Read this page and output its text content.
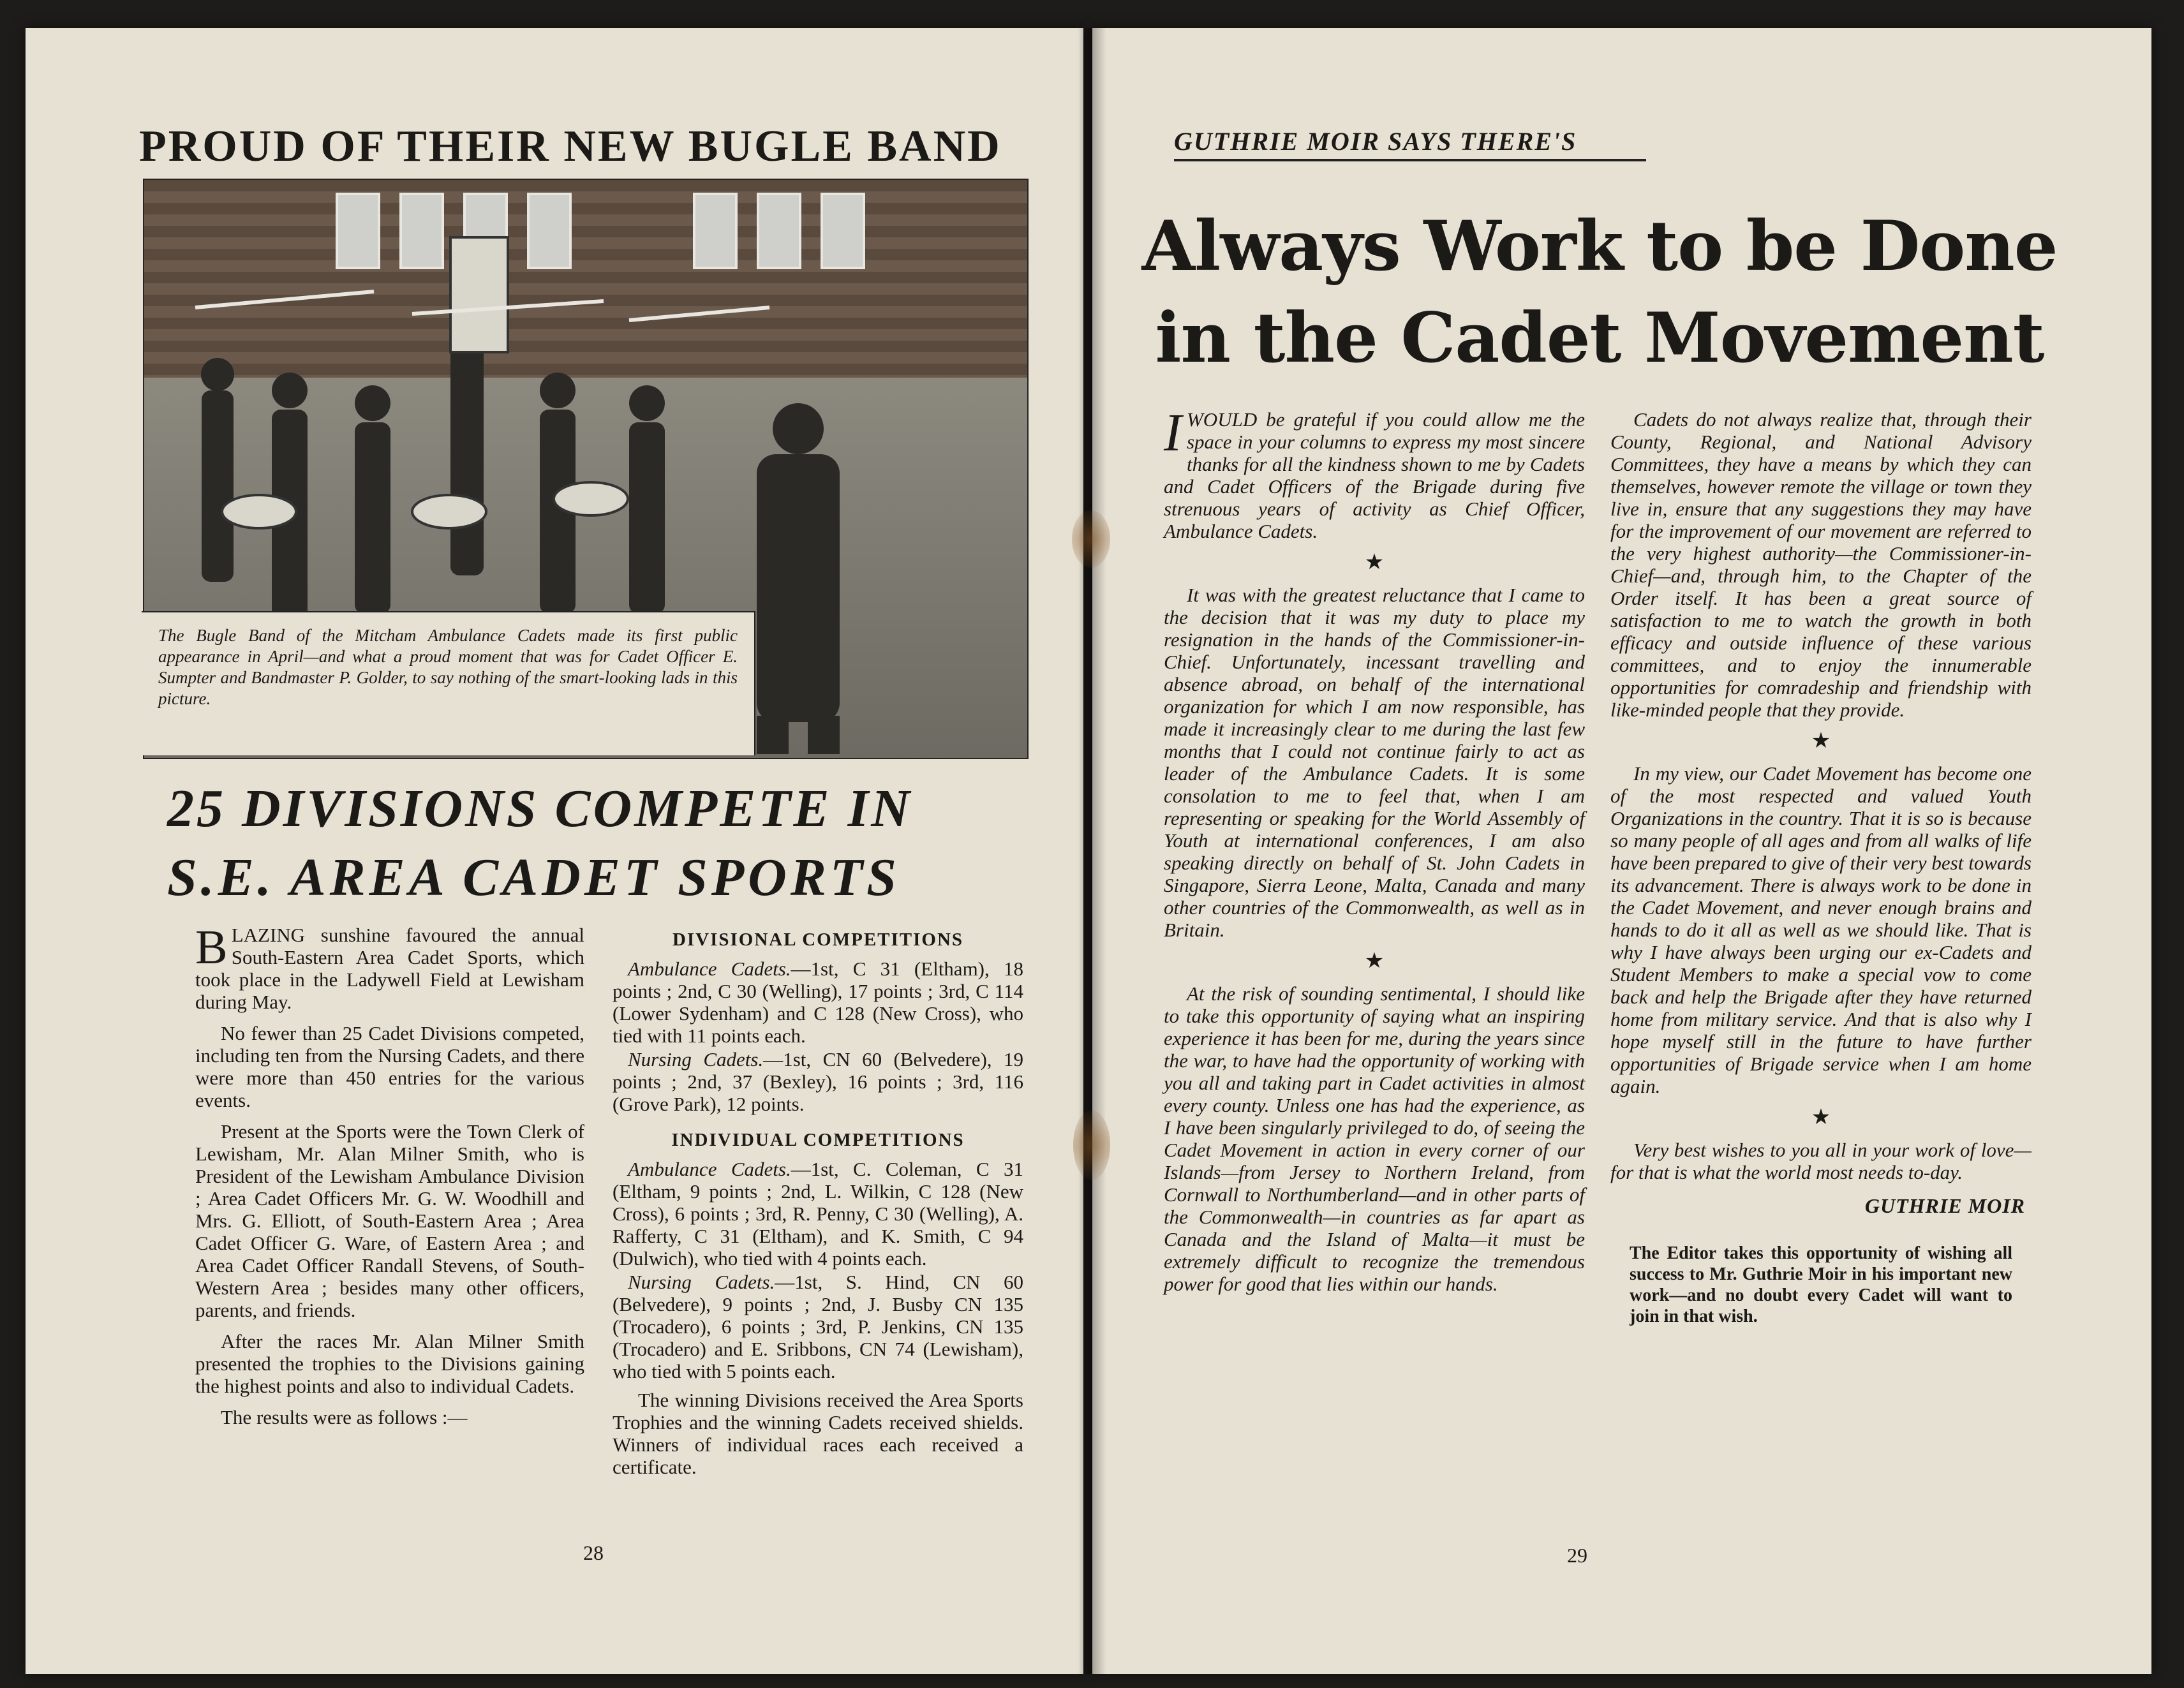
PROUD OF THEIR NEW BUGLE BAND
The Bugle Band of the Mitcham Ambulance Cadets made its first public appearance in April—and what a proud moment that was for Cadet Officer E. Sumpter and Bandmaster P. Golder, to say nothing of the smart-looking lads in this picture.
25 DIVISIONS COMPETE IN
S.E. AREA CADET SPORTS

BLAZING sunshine favoured the annual South-Eastern Area Cadet Sports, which took place in the Ladywell Field at Lewisham during May.

No fewer than 25 Cadet Divisions competed, including ten from the Nursing Cadets, and there were more than 450 entries for the various events.

Present at the Sports were the Town Clerk of Lewisham, Mr. Alan Milner Smith, who is President of the Lewisham Ambulance Division ; Area Cadet Officers Mr. G. W. Woodhill and Mrs. G. Elliott, of South-Eastern Area ; Area Cadet Officer G. Ware, of Eastern Area ; and Area Cadet Officer Randall Stevens, of South-Western Area ; besides many other officers, parents, and friends.

After the races Mr. Alan Milner Smith presented the trophies to the Divisions gaining the highest points and also to individual Cadets.

The results were as follows :—

DIVISIONAL COMPETITIONS

Ambulance Cadets.—1st, C 31 (Eltham), 18 points ; 2nd, C 30 (Welling), 17 points ; 3rd, C 114 (Lower Sydenham) and C 128 (New Cross), who tied with 11 points each.

Nursing Cadets.—1st, CN 60 (Belvedere), 19 points ; 2nd, 37 (Bexley), 16 points ; 3rd, 116 (Grove Park), 12 points.

INDIVIDUAL COMPETITIONS

Ambulance Cadets.—1st, C. Coleman, C 31 (Eltham, 9 points ; 2nd, L. Wilkin, C 128 (New Cross), 6 points ; 3rd, R. Penny, C 30 (Welling), A. Rafferty, C 31 (Eltham), and K. Smith, C 94 (Dulwich), who tied with 4 points each.

Nursing Cadets.—1st, S. Hind, CN 60 (Belvedere), 9 points ; 2nd, J. Busby CN 135 (Trocadero), 6 points ; 3rd, P. Jenkins, CN 135 (Trocadero) and E. Sribbons, CN 74 (Lewisham), who tied with 5 points each.

The winning Divisions received the Area Sports Trophies and the winning Cadets received shields. Winners of individual races each received a certificate.

28
GUTHRIE MOIR SAYS THERE'S
Always Work to be Done
in the Cadet Movement

IWOULD be grateful if you could allow me the space in your columns to express my most sincere thanks for all the kindness shown to me by Cadets and Cadet Officers of the Brigade during five strenuous years of activity as Chief Officer, Ambulance Cadets.

★

It was with the greatest reluctance that I came to the decision that it was my duty to place my resignation in the hands of the Commissioner-in-Chief. Unfortunately, incessant travelling and absence abroad, on behalf of the international organization for which I am now responsible, has made it increasingly clear to me during the last few months that I could not continue fairly to act as leader of the Ambulance Cadets. It is some consolation to me to feel that, when I am representing or speaking for the World Assembly of Youth at international conferences, I am also speaking directly on behalf of St. John Cadets in Singapore, Sierra Leone, Malta, Canada and many other countries of the Commonwealth, as well as in Britain.

★

At the risk of sounding sentimental, I should like to take this opportunity of saying what an inspiring experience it has been for me, during the years since the war, to have had the opportunity of working with you all and taking part in Cadet activities in almost every county. Unless one has had the experience, as I have been singularly privileged to do, of seeing the Cadet Movement in action in every corner of our Islands—from Jersey to Northern Ireland, from Cornwall to Northumberland—and in other parts of the Commonwealth—in countries as far apart as Canada and the Island of Malta—it must be extremely difficult to recognize the tremendous power for good that lies within our hands.

Cadets do not always realize that, through their County, Regional, and National Advisory Committees, they have a means by which they can themselves, however remote the village or town they live in, ensure that any suggestions they may have for the improvement of our movement are referred to the very highest authority—the Commissioner-in-Chief—and, through him, to the Chapter of the Order itself. It has been a great source of satisfaction to me to watch the growth in both efficacy and outside influence of these various committees, and to enjoy the innumerable opportunities for comradeship and friendship with like-minded people that they provide.

★

In my view, our Cadet Movement has become one of the most respected and valued Youth Organizations in the country. That it is so is because so many people of all ages and from all walks of life have been prepared to give of their very best towards its advancement. There is always work to be done in the Cadet Movement, and never enough brains and hands to do it all as well as we should like. That is why I have always been urging our ex-Cadets and Student Members to make a special vow to come back and help the Brigade after they have returned home from military service. And that is also why I hope myself still in the future to have further opportunities of Brigade service when I am home again.

★

Very best wishes to you all in your work of love—for that is what the world most needs to-day.

GUTHRIE MOIR
The Editor takes this opportunity of wishing all success to Mr. Guthrie Moir in his important new work—and no doubt every Cadet will want to join in that wish.
29
